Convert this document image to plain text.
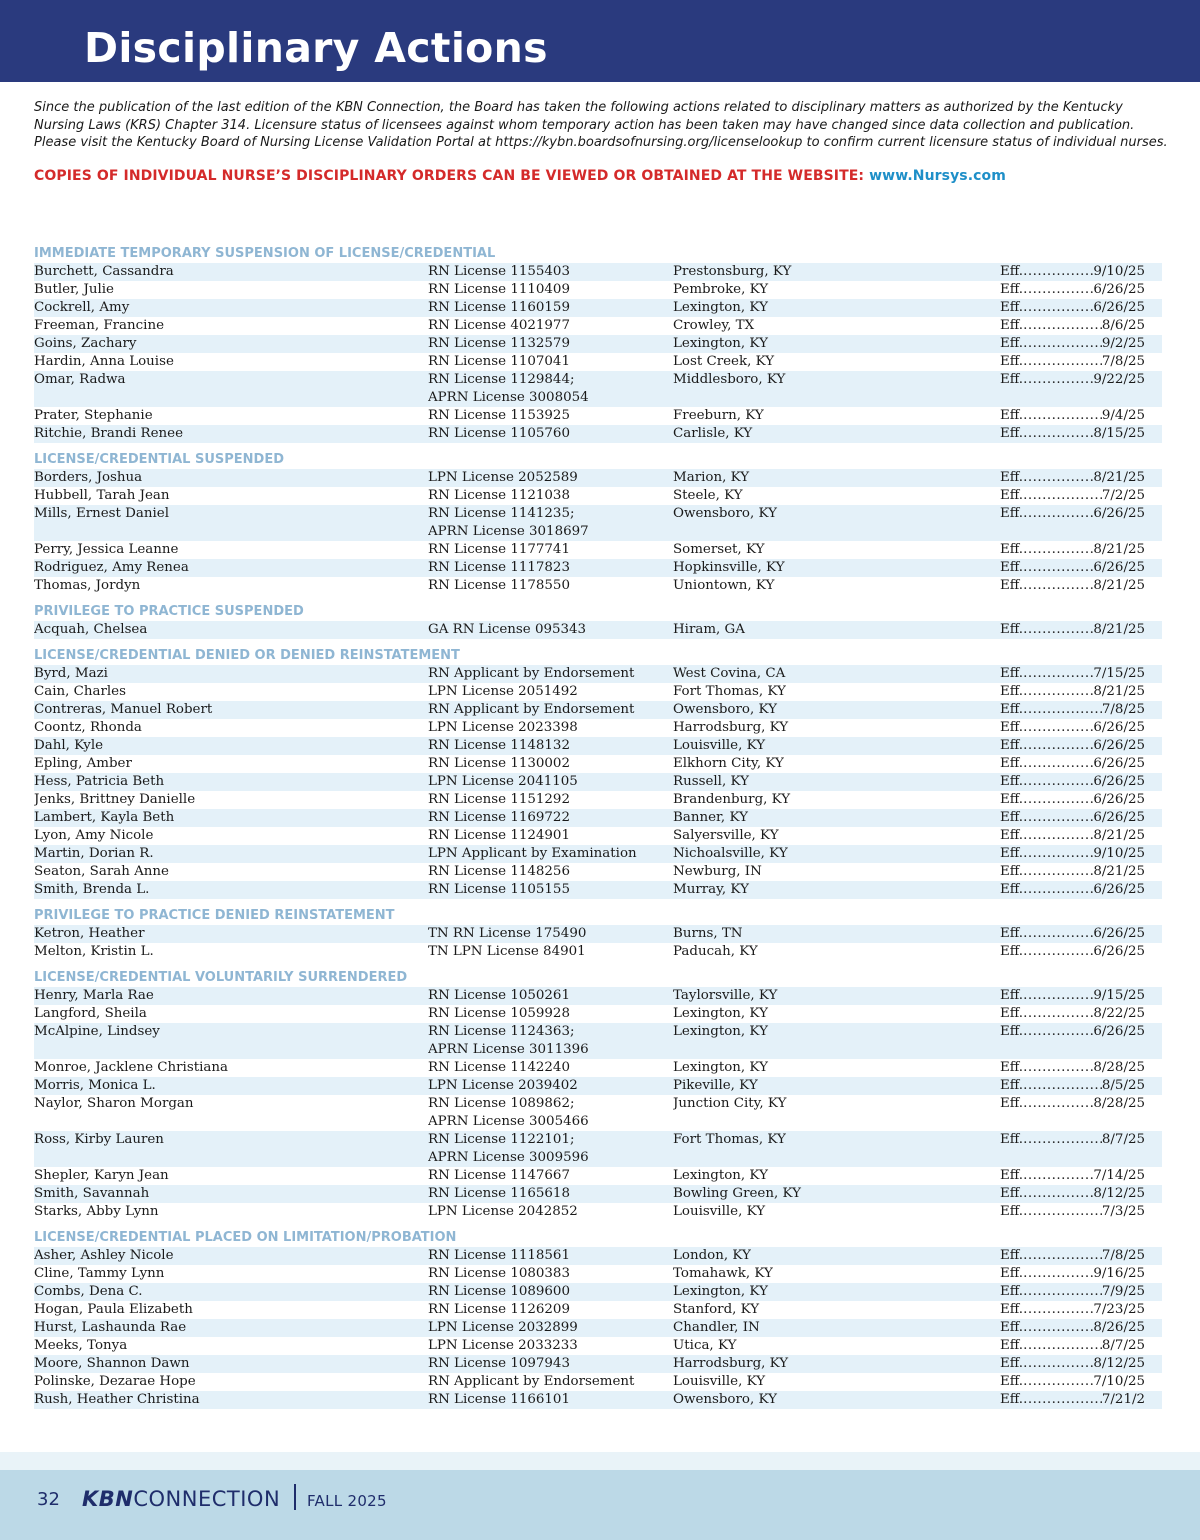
Disciplinary Actions
Since the publication of the last edition of the KBN Connection, the Board has taken the following actions related to disciplinary matters as authorized by the Kentucky Nursing Laws (KRS) Chapter 314. Licensure status of licensees against whom temporary action has been taken may have changed since data collection and publication. Please visit the Kentucky Board of Nursing License Validation Portal at https://kybn.boardsofnursing.org/licenselookup to confirm current licensure status of individual nurses.
COPIES OF INDIVIDUAL NURSE’S DISCIPLINARY ORDERS CAN BE VIEWED OR OBTAINED AT THE WEBSITE: www.Nursys.com
IMMEDIATE TEMPORARY SUSPENSION OF LICENSE/CREDENTIAL
Burchett, Cassandra	RN License 1155403	Prestonsburg, KY	Eff. .....	9/10/25
Butler, Julie	RN License 1110409	Pembroke, KY	Eff. .....	6/26/25
Cockrell, Amy	RN License 1160159	Lexington, KY	Eff. .....	6/26/25
Freeman, Francine	RN License 4021977	Crowley, TX	Eff. .....	8/6/25
Goins, Zachary	RN License 1132579	Lexington, KY	Eff. .....	9/2/25
Hardin, Anna Louise	RN License 1107041	Lost Creek, KY	Eff. .....	7/8/25
Omar, Radwa	RN License 1129844;	Middlesboro, KY	Eff. .....	9/22/25
APRN License 3008054
Prater, Stephanie	RN License 1153925	Freeburn, KY	Eff. .....	9/4/25
Ritchie, Brandi Renee	RN License 1105760	Carlisle, KY	Eff. .....	8/15/25
LICENSE/CREDENTIAL SUSPENDED
Borders, Joshua	LPN License 2052589	Marion, KY	Eff. .....	8/21/25
Hubbell, Tarah Jean	RN License 1121038	Steele, KY	Eff. .....	7/2/25
Mills, Ernest Daniel	RN License 1141235;	Owensboro, KY	Eff. .....	6/26/25
APRN License 3018697
Perry, Jessica Leanne	RN License 1177741	Somerset, KY	Eff. .....	8/21/25
Rodriguez, Amy Renea	RN License 1117823	Hopkinsville, KY	Eff. .....	6/26/25
Thomas, Jordyn	RN License 1178550	Uniontown, KY	Eff. .....	8/21/25
PRIVILEGE TO PRACTICE SUSPENDED
Acquah, Chelsea	GA RN License 095343	Hiram, GA	Eff. .....	8/21/25
LICENSE/CREDENTIAL DENIED OR DENIED REINSTATEMENT
Byrd, Mazi	RN Applicant by Endorsement	West Covina, CA	Eff. .....	7/15/25
Cain, Charles	LPN License 2051492	Fort Thomas, KY	Eff. .....	8/21/25
Contreras, Manuel Robert	RN Applicant by Endorsement	Owensboro, KY	Eff. .....	7/8/25
Coontz, Rhonda	LPN License 2023398	Harrodsburg, KY	Eff. .....	6/26/25
Dahl, Kyle	RN License 1148132	Louisville, KY	Eff. .....	6/26/25
Epling, Amber	RN License 1130002	Elkhorn City, KY	Eff. .....	6/26/25
Hess, Patricia Beth	LPN License 2041105	Russell, KY	Eff. .....	6/26/25
Jenks, Brittney Danielle	RN License 1151292	Brandenburg, KY	Eff. .....	6/26/25
Lambert, Kayla Beth	RN License 1169722	Banner, KY	Eff. .....	6/26/25
Lyon, Amy Nicole	RN License 1124901	Salyersville, KY	Eff. .....	8/21/25
Martin, Dorian R.	LPN Applicant by Examination	Nichoalsville, KY	Eff. .....	9/10/25
Seaton, Sarah Anne	RN License 1148256	Newburg, IN	Eff. .....	8/21/25
Smith, Brenda L.	RN License 1105155	Murray, KY	Eff. .....	6/26/25
PRIVILEGE TO PRACTICE DENIED REINSTATEMENT
Ketron, Heather	TN RN License 175490	Burns, TN	Eff. .....	6/26/25
Melton, Kristin L.	TN LPN License 84901	Paducah, KY	Eff. .....	6/26/25
LICENSE/CREDENTIAL VOLUNTARILY SURRENDERED
Henry, Marla Rae	RN License 1050261	Taylorsville, KY	Eff. .....	9/15/25
Langford, Sheila	RN License 1059928	Lexington, KY	Eff. .....	8/22/25
McAlpine, Lindsey	RN License 1124363;	Lexington, KY	Eff. .....	6/26/25
APRN License 3011396
Monroe, Jacklene Christiana	RN License 1142240	Lexington, KY	Eff. .....	8/28/25
Morris, Monica L.	LPN License 2039402	Pikeville, KY	Eff. .....	8/5/25
Naylor, Sharon Morgan	RN License 1089862;	Junction City, KY	Eff. .....	8/28/25
APRN License 3005466
Ross, Kirby Lauren	RN License 1122101;	Fort Thomas, KY	Eff. .....	8/7/25
APRN License 3009596
Shepler, Karyn Jean	RN License 1147667	Lexington, KY	Eff. .....	7/14/25
Smith, Savannah	RN License 1165618	Bowling Green, KY	Eff. .....	8/12/25
Starks, Abby Lynn	LPN License 2042852	Louisville, KY	Eff. .....	7/3/25
LICENSE/CREDENTIAL PLACED ON LIMITATION/PROBATION
Asher, Ashley Nicole	RN License 1118561	London, KY	Eff. .....	7/8/25
Cline, Tammy Lynn	RN License 1080383	Tomahawk, KY	Eff. .....	9/16/25
Combs, Dena C.	RN License 1089600	Lexington, KY	Eff. .....	7/9/25
Hogan, Paula Elizabeth	RN License 1126209	Stanford, KY	Eff. .....	7/23/25
Hurst, Lashaunda Rae	LPN License 2032899	Chandler, IN	Eff. .....	8/26/25
Meeks, Tonya	LPN License 2033233	Utica, KY	Eff. .....	8/7/25
Moore, Shannon Dawn	RN License 1097943	Harrodsburg, KY	Eff. .....	8/12/25
Polinske, Dezarae Hope	RN Applicant by Endorsement	Louisville, KY	Eff. .....	7/10/25
Rush, Heather Christina	RN License 1166101	Owensboro, KY	Eff. .....	7/21/2
32 KBNCONNECTION FALL 2025
